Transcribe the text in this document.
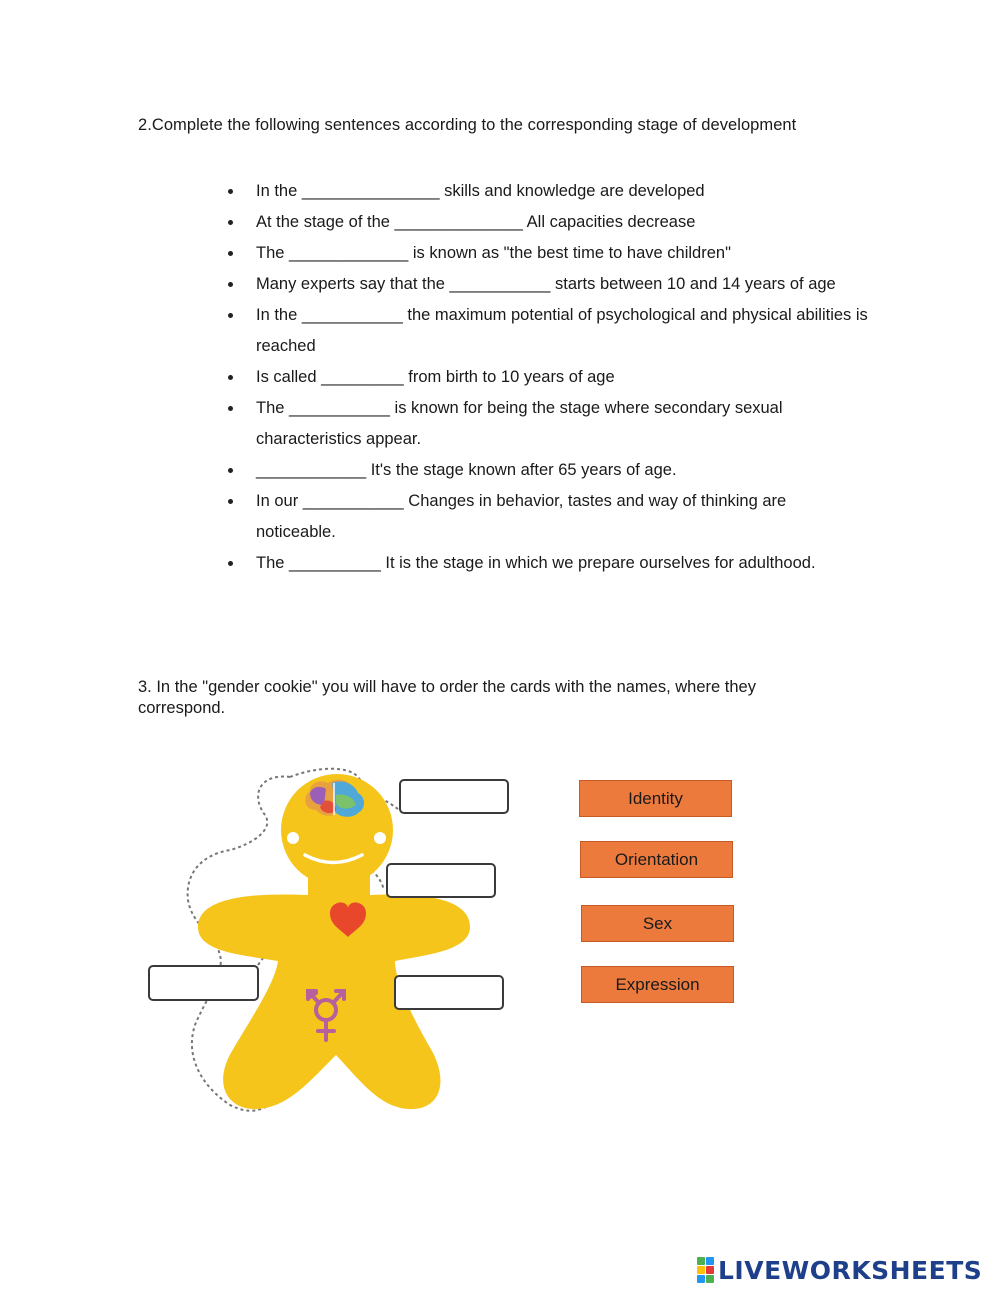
2.Complete the following sentences according to the corresponding stage of development
In the _______________ skills and knowledge are developed
At the stage of the ______________ All capacities decrease
The _____________ is known as "the best time to have children"
Many experts say that the ___________ starts between 10 and 14 years of age
In the ___________ the maximum potential of psychological and physical abilities is reached
Is called _________ from birth to 10 years of age
The ___________ is known for being the stage where secondary sexual characteristics appear.
____________ It's the stage known after 65 years of age.
In our ___________ Changes in behavior, tastes and way of thinking are noticeable.
The __________ It is the stage in which we prepare ourselves for adulthood.
3. In the "gender cookie" you will have to order the cards with the names, where they correspond.
Identity
Orientation
Sex
Expression
LIVEWORKSHEETS
